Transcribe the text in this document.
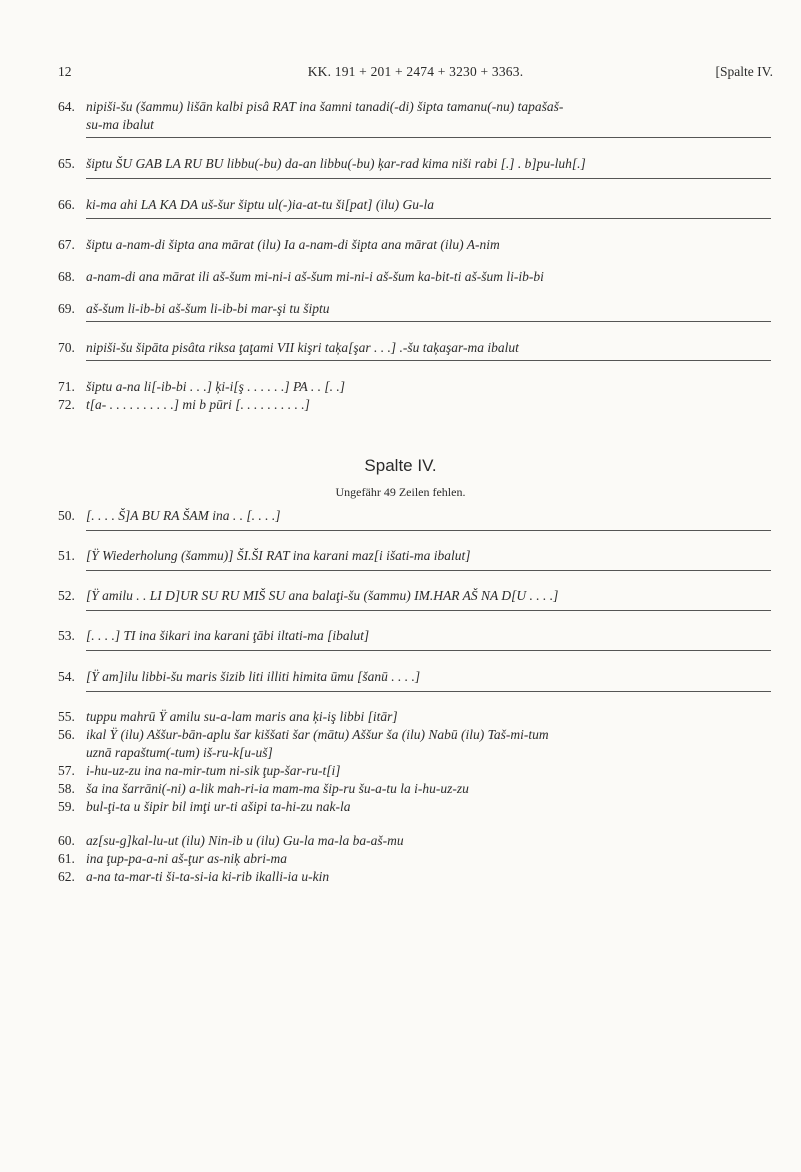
12	KK. 191 + 201 + 2474 + 3230 + 3363.	[Spalte IV.
64. nipiši-šu (šammu) lišān kalbi pisâ RAT ina šamni tanadi(-di) šipta tamanu(-nu) tapašaš-
su-ma ibalut
65. šiptu ŠU GAB LA RU BU libbu(-bu) da-an libbu(-bu) ķar-rad kima niši rabi [.] . b]pu-luh[.]
66. ki-ma ahi LA KA DA uš-šur šiptu ul(-)ia-at-tu ši[pat] (ilu) Gu-la
67. šiptu a-nam-di šipta ana mārat (ilu) Ia a-nam-di šipta ana mārat (ilu) A-nim
68. a-nam-di ana mārat ili aš-šum mi-ni-i aš-šum mi-ni-i aš-šum ka-bit-ti aš-šum li-ib-bi
69. aš-šum li-ib-bi aš-šum li-ib-bi mar-şi tu šiptu
70. nipiši-šu šipāta pisâta riksa ţaţami VII kişri taķa[şar . . .] .-šu taķaşar-ma ibalut
71. šiptu a-na li[-ib-bi . . .] ķi-i[ş . . . . . .] PA . . [. .]
72. t[a- . . . . . . . . . .] mi b pūri [. . . . . . . . . .]
Spalte IV.
Ungefähr 49 Zeilen fehlen.
50. [. . . . Š]A BU RA ŠAM ina . . [. . . .]
51. [Ÿ Wiederholung (šammu)] ŠI.ŠI RAT ina karani maz[i išati-ma ibalut]
52. [Ÿ amilu . . LI D]UR SU RU MIŠ SU ana balaţi-šu (šammu) IM.HAR AŠ NA D[U . . . .]
53. [. . . .] TI ina šikari ina karani ţābi iltati-ma [ibalut]
54. [Ÿ am]ilu libbi-šu maris šizib liti illiti himita ūmu [šanū . . . .]
55. tuppu mahrū Ÿ amilu su-a-lam maris ana ķi-iş libbi [itār]
56. ikal Ÿ (ilu) Aššur-bān-aplu šar kiššati šar (mātu) Aššur ša (ilu) Nabū (ilu) Taš-mi-tum
uznā rapaštum(-tum) iš-ru-k[u-uš]
57. i-hu-uz-zu ina na-mir-tum ni-sik ţup-šar-ru-t[i]
58. ša ina šarrāni(-ni) a-lik mah-ri-ia mam-ma šip-ru šu-a-tu la i-hu-uz-zu
59. bul-ţi-ta u šipir bil imţi ur-ti ašipi ta-hi-zu nak-la
60. az[su-g]kal-lu-ut (ilu) Nin-ib u (ilu) Gu-la ma-la ba-aš-mu
61. ina ţup-pa-a-ni aš-ţur as-niķ abri-ma
62. a-na ta-mar-ti ši-ta-si-ia ki-rib ikalli-ia u-kin
